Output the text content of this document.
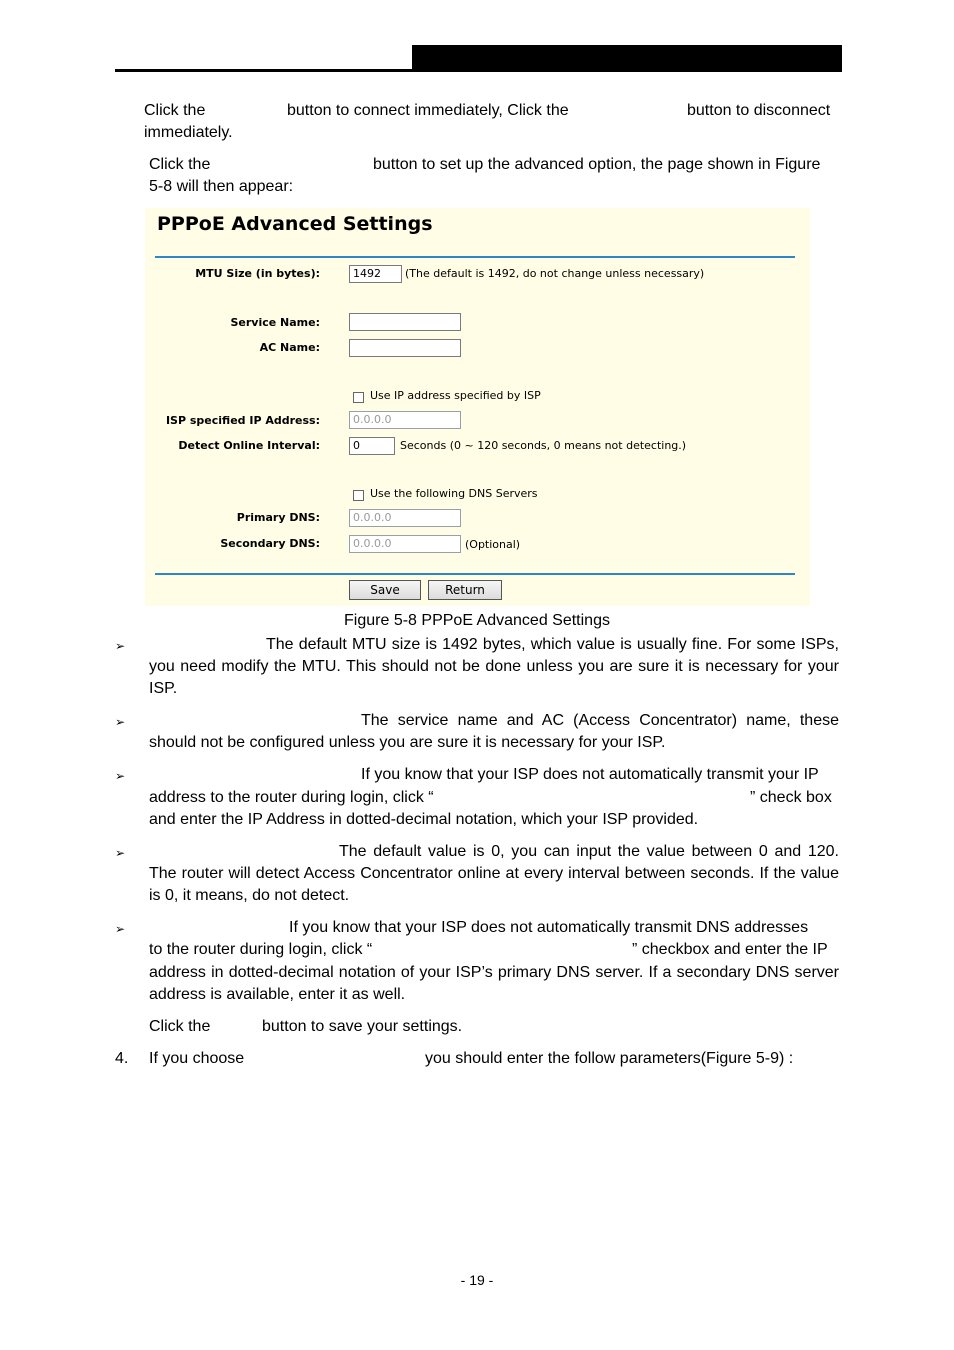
Click the	button to connect immediately, Click the	button to disconnect
immediately.
Click the	button to set up the advanced option, the page shown in Figure
5-8 will then appear:
PPPoE Advanced Settings
MTU Size (in bytes):	1492	(The default is 1492, do not change unless necessary)
Service Name:
AC Name:
Use IP address specified by ISP
ISP specified IP Address:	0.0.0.0
Detect Online Interval:	0	Seconds (0 ~ 120 seconds, 0 means not detecting.)
Use the following DNS Servers
Primary DNS:	0.0.0.0
Secondary DNS:	0.0.0.0	(Optional)
Save	Return
Figure 5-8 PPPoE Advanced Settings
➢	The default MTU size is 1492 bytes, which value is usually fine. For some ISPs, you need modify the MTU. This should not be done unless you are sure it is necessary for your ISP.
➢	The service name and AC (Access Concentrator) name, these should not be configured unless you are sure it is necessary for your ISP.
➢	If you know that your ISP does not automatically transmit your IP
address to the router during login, click “	” check box
and enter the IP Address in dotted-decimal notation, which your ISP provided.
➢	The default value is 0, you can input the value between 0 and 120. The router will detect Access Concentrator online at every interval between seconds. If the value is 0, it means, do not detect.
➢	If you know that your ISP does not automatically transmit DNS addresses
to the router during login, click “	” checkbox and enter the IP
address in dotted-decimal notation of your ISP’s primary DNS server. If a secondary DNS server address is available, enter it as well.
Click the	button to save your settings.
4. If you choose	you should enter the follow parameters(Figure 5-9) :
- 19 -
